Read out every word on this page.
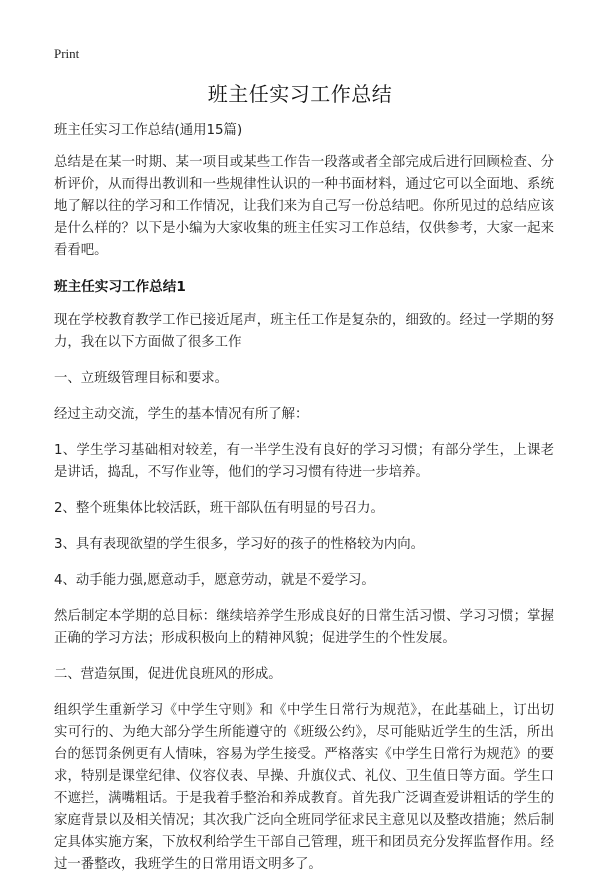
Print
班主任实习工作总结

班主任实习工作总结(通用15篇)

总结是在某一时期、某一项目或某些工作告一段落或者全部完成后进行回顾检查、分析评价，从而得出教训和一些规律性认识的一种书面材料，通过它可以全面地、系统地了解以往的学习和工作情况，让我们来为自己写一份总结吧。你所见过的总结应该是什么样的？以下是小编为大家收集的班主任实习工作总结，仅供参考，大家一起来看看吧。

班主任实习工作总结1

现在学校教育教学工作已接近尾声，班主任工作是复杂的，细致的。经过一学期的努力，我在以下方面做了很多工作

一、立班级管理目标和要求。

经过主动交流，学生的基本情况有所了解：

1、学生学习基础相对较差，有一半学生没有良好的学习习惯；有部分学生，上课老是讲话，捣乱，不写作业等，他们的学习习惯有待进一步培养。

2、整个班集体比较活跃，班干部队伍有明显的号召力。

3、具有表现欲望的学生很多，学习好的孩子的性格较为内向。

4、动手能力强,愿意动手，愿意劳动，就是不爱学习。

然后制定本学期的总目标：继续培养学生形成良好的日常生活习惯、学习习惯；掌握正确的学习方法；形成积极向上的精神风貌；促进学生的个性发展。

二、营造氛围，促进优良班风的形成。

组织学生重新学习《中学生守则》和《中学生日常行为规范》，在此基础上，订出切实可行的、为绝大部分学生所能遵守的《班级公约》，尽可能贴近学生的生活，所出台的惩罚条例更有人情味，容易为学生接受。严格落实《中学生日常行为规范》的要求，特别是课堂纪律、仪容仪表、早操、升旗仪式、礼仪、卫生值日等方面。学生口不遮拦，满嘴粗话。于是我着手整治和养成教育。首先我广泛调查爱讲粗话的学生的家庭背景以及相关情况；其次我广泛向全班同学征求民主意见以及整改措施；然后制定具体实施方案，下放权利给学生干部自己管理，班干和团员充分发挥监督作用。经过一番整改，我班学生的日常用语文明多了。
